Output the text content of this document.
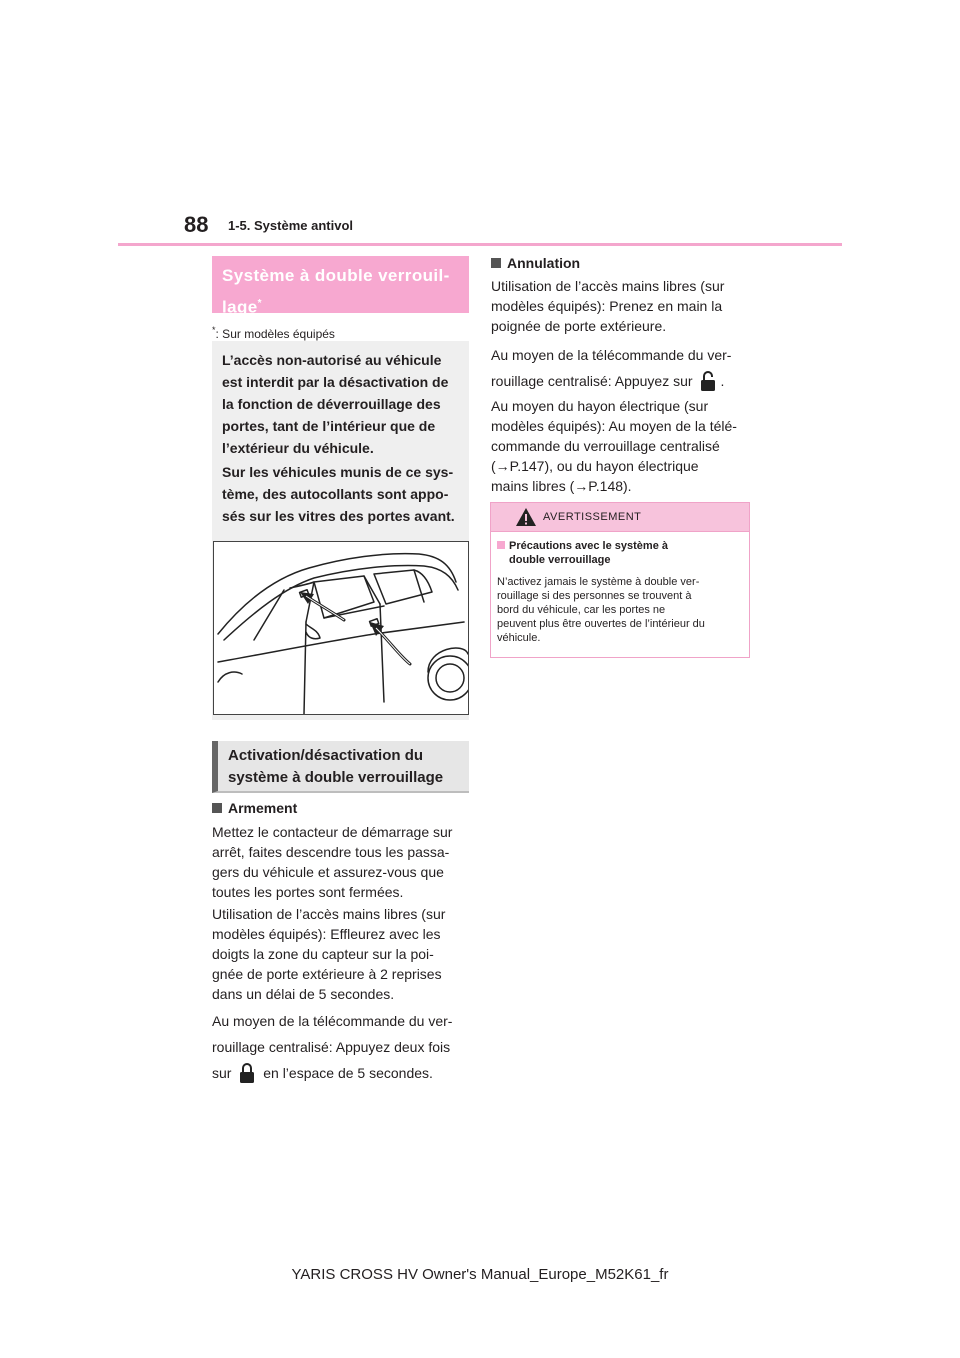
88 1-5. Système antivol
Système à double verrouil-
lage*
*: Sur modèles équipés

L’accès non-autorisé au véhicule
est interdit par la désactivation de
la fonction de déverrouillage des
portes, tant de l’intérieur que de
l’extérieur du véhicule.

Sur les véhicules munis de ce sys-
tème, des autocollants sont appo-
sés sur les vitres des portes avant.

Activation/désactivation du
système à double verrouillage
Armement
Mettez le contacteur de démarrage sur
arrêt, faites descendre tous les passa-
gers du véhicule et assurez-vous que
toutes les portes sont fermées.
Utilisation de l’accès mains libres (sur
modèles équipés): Effleurez avec les
doigts la zone du capteur sur la poi-
gnée de porte extérieure à 2 reprises
dans un délai de 5 secondes.
Au moyen de la télécommande du ver-
rouillage centralisé: Appuyez deux fois
sur en l’espace de 5 secondes.
Annulation
Utilisation de l’accès mains libres (sur
modèles équipés): Prenez en main la
poignée de porte extérieure.
Au moyen de la télécommande du ver-
rouillage centralisé: Appuyez sur .
Au moyen du hayon électrique (sur
modèles équipés): Au moyen de la télé-
commande du verrouillage centralisé
(→P.147), ou du hayon électrique
mains libres (→P.148).
AVERTISSEMENT
Précautions avec le système à
double verrouillage
N’activez jamais le système à double ver-
rouillage si des personnes se trouvent à
bord du véhicule, car les portes ne
peuvent plus être ouvertes de l’intérieur du
véhicule.
YARIS CROSS HV Owner's Manual_Europe_M52K61_fr
